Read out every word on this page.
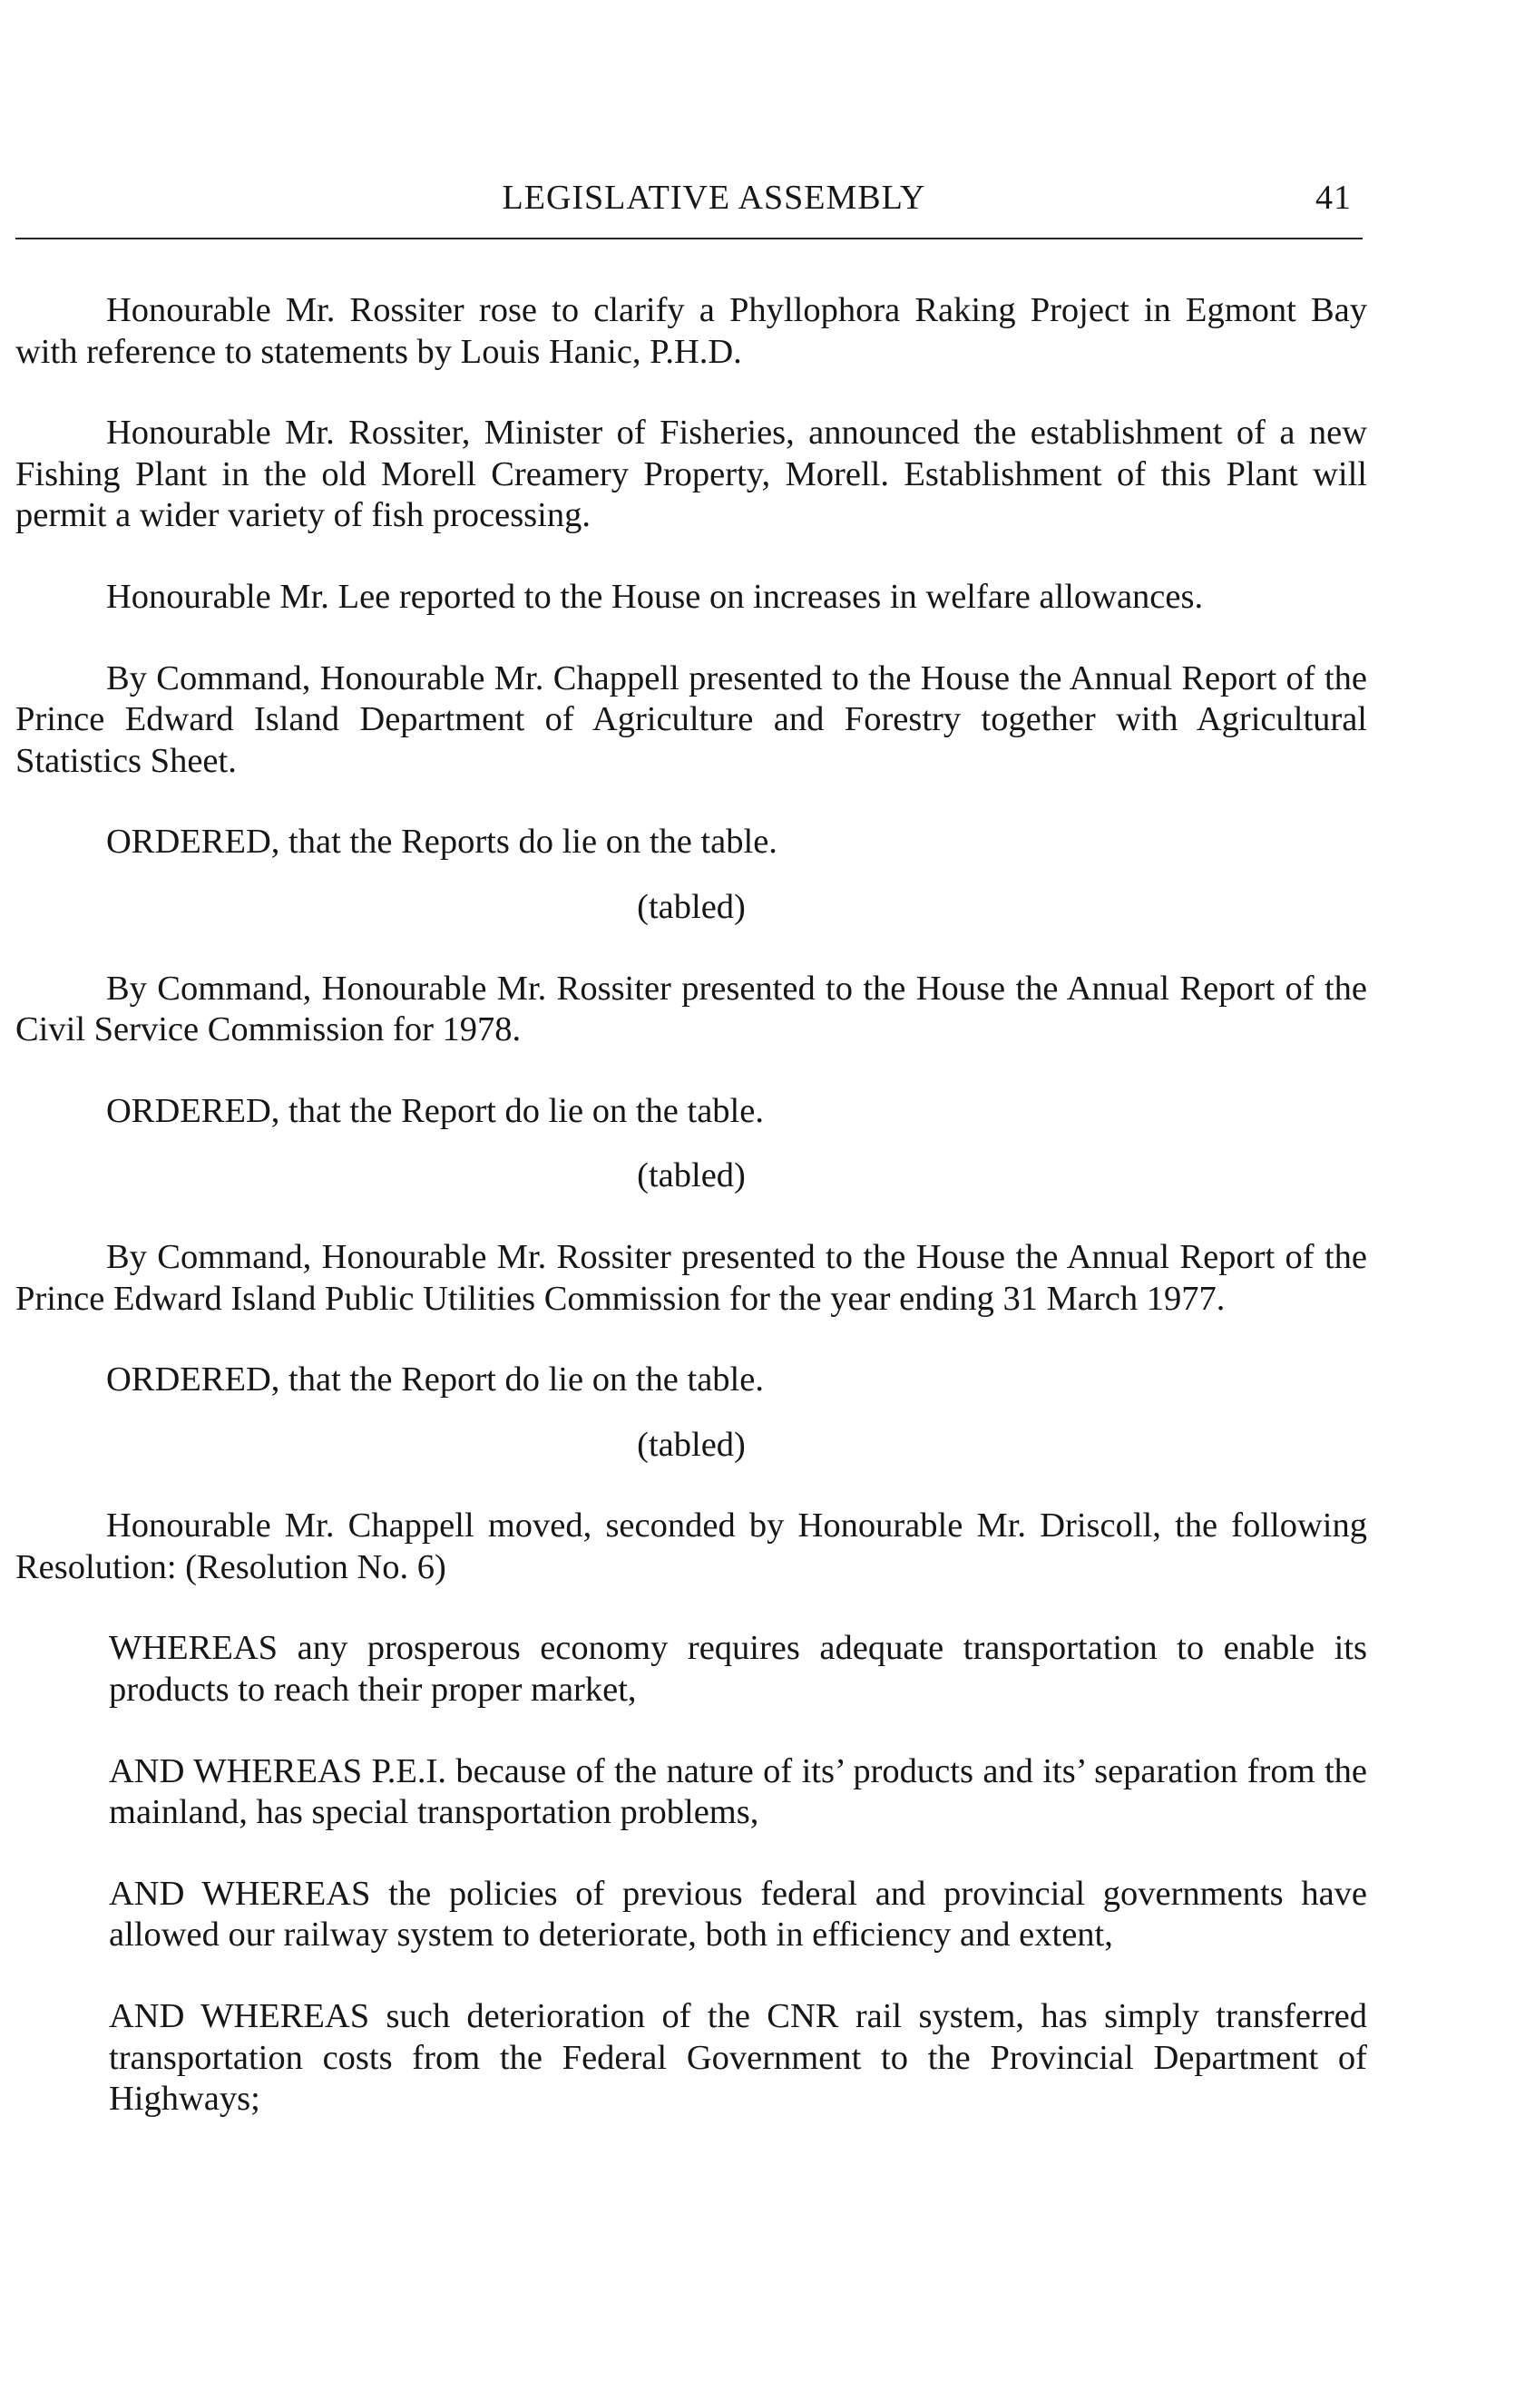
LEGISLATIVE ASSEMBLY	41

Honourable Mr. Rossiter rose to clarify a Phyllophora Raking Project in Egmont Bay with reference to statements by Louis Hanic, P.H.D.

Honourable Mr. Rossiter, Minister of Fisheries, announced the establishment of a new Fishing Plant in the old Morell Creamery Property, Morell. Establishment of this Plant will permit a wider variety of fish processing.

Honourable Mr. Lee reported to the House on increases in welfare allowances.

By Command, Honourable Mr. Chappell presented to the House the Annual Report of the Prince Edward Island Department of Agriculture and Forestry together with Agricultural Statistics Sheet.

ORDERED, that the Reports do lie on the table.

(tabled)

By Command, Honourable Mr. Rossiter presented to the House the Annual Report of the Civil Service Commission for 1978.

ORDERED, that the Report do lie on the table.

(tabled)

By Command, Honourable Mr. Rossiter presented to the House the Annual Report of the Prince Edward Island Public Utilities Commission for the year ending 31 March 1977.

ORDERED, that the Report do lie on the table.

(tabled)

Honourable Mr. Chappell moved, seconded by Honourable Mr. Driscoll, the following Resolution: (Resolution No. 6)

WHEREAS any prosperous economy requires adequate transportation to enable its products to reach their proper market,

AND WHEREAS P.E.I. because of the nature of its’ products and its’ separation from the mainland, has special transportation problems,

AND WHEREAS the policies of previous federal and provincial governments have allowed our railway system to deteriorate, both in efficiency and extent,

AND WHEREAS such deterioration of the CNR rail system, has simply transferred transportation costs from the Federal Government to the Provincial Department of Highways;
